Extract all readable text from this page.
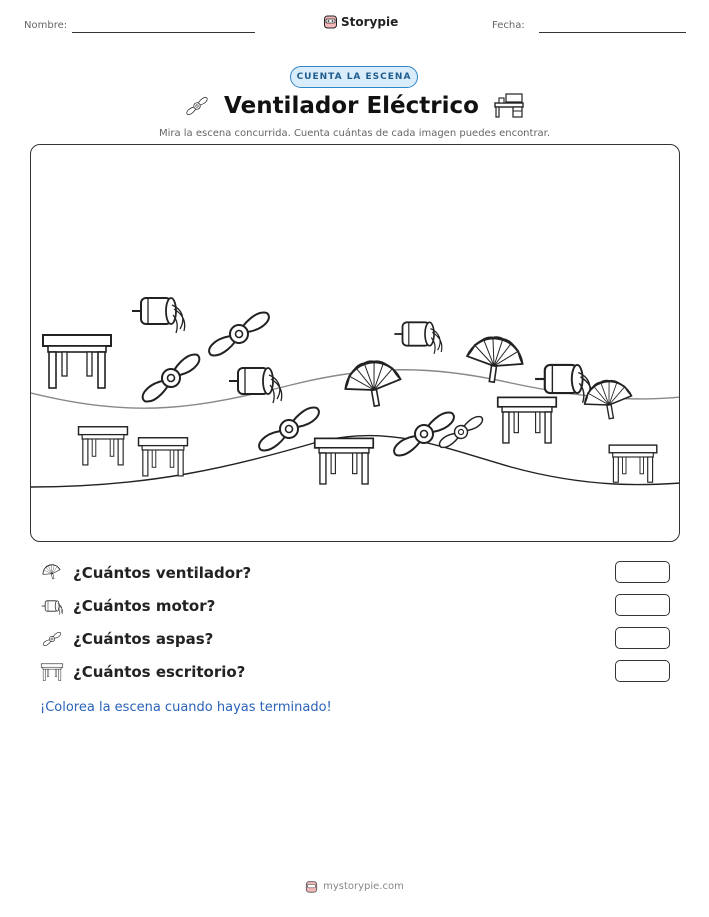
Nombre:	Storypie	Fecha:
CUENTA LA ESCENA
Ventilador Eléctrico
Mira la escena concurrida. Cuenta cuántas de cada imagen puedes encontrar.
¿Cuántos ventilador?
¿Cuántos motor?
¿Cuántos aspas?
¿Cuántos escritorio?
¡Colorea la escena cuando hayas terminado!
mystorypie.com
